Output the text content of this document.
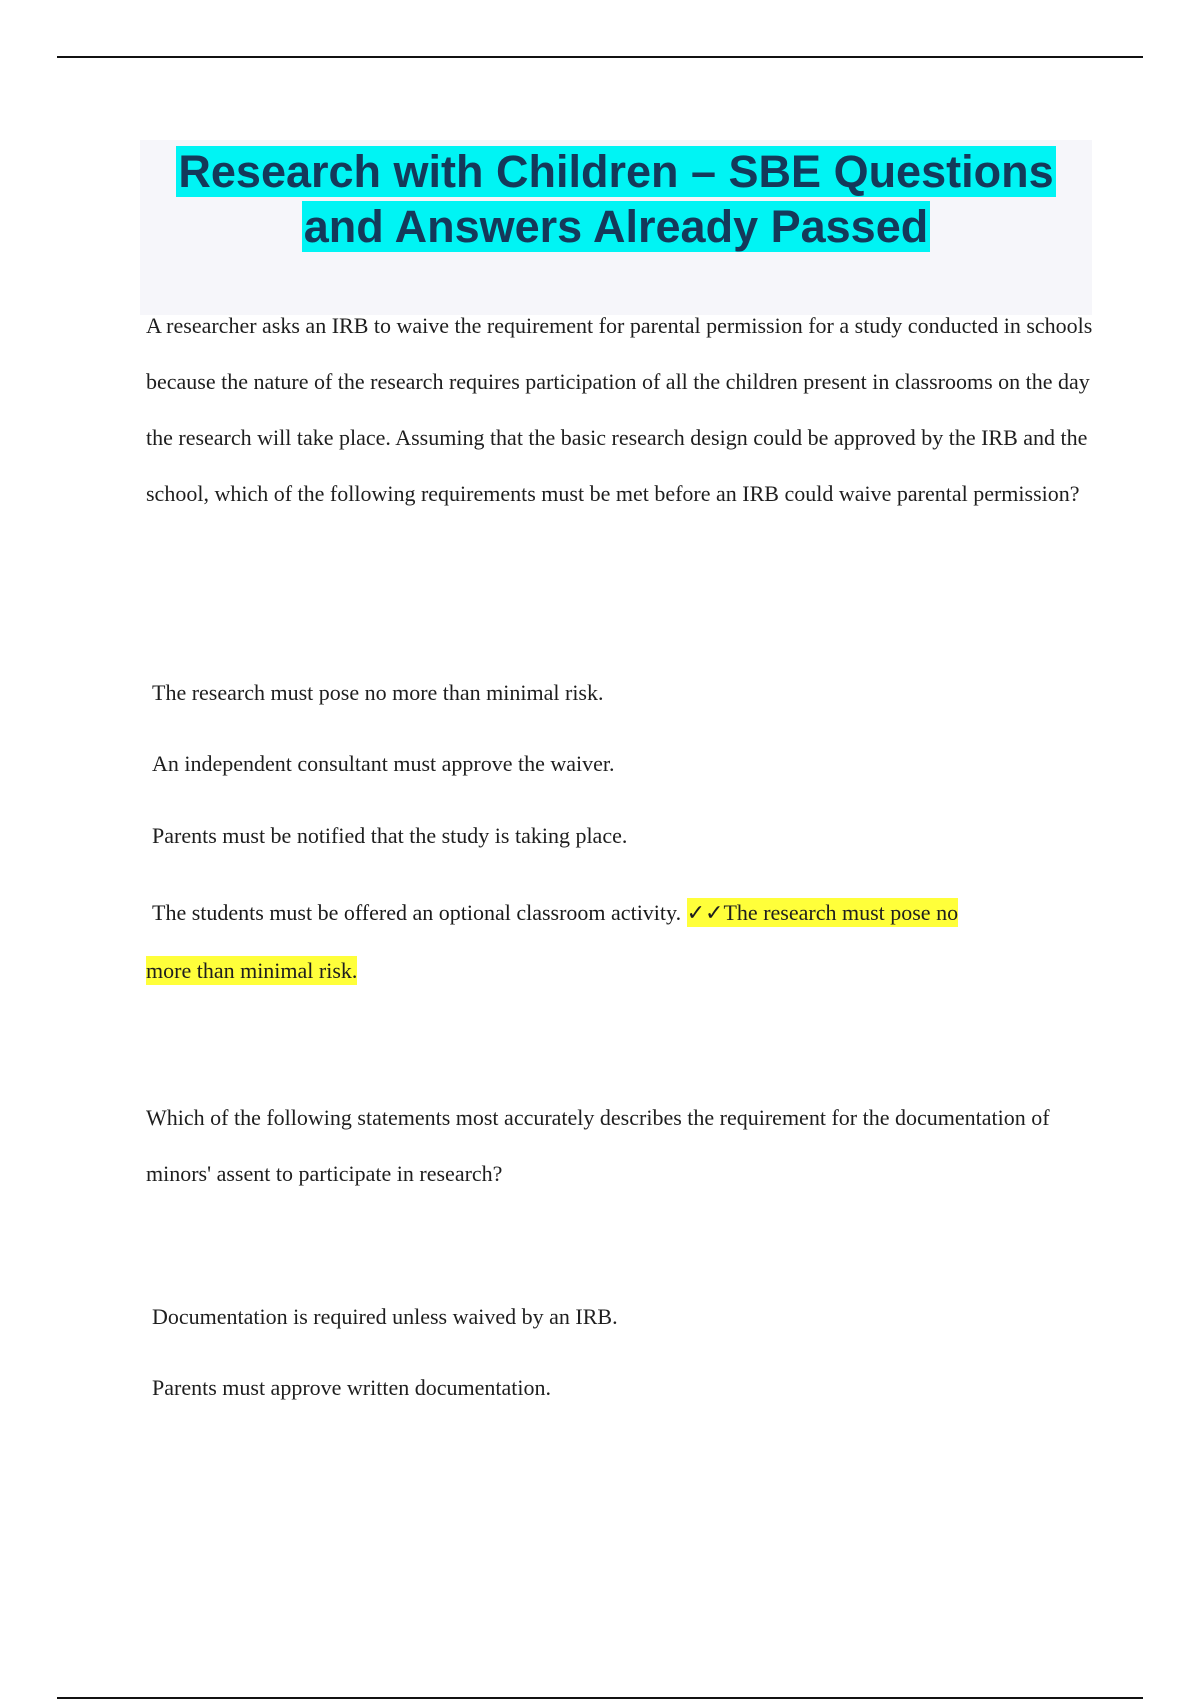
Research with Children – SBE Questions
and Answers Already Passed

A researcher asks an IRB to waive the requirement for parental permission for a study conducted in schools because the nature of the research requires participation of all the children present in classrooms on the day the research will take place. Assuming that the basic research design could be approved by the IRB and the school, which of the following requirements must be met before an IRB could waive parental permission?

The research must pose no more than minimal risk.

An independent consultant must approve the waiver.

Parents must be notified that the study is taking place.

The students must be offered an optional classroom activity. ✓✓The research must pose no
more than minimal risk.

Which of the following statements most accurately describes the requirement for the documentation of minors' assent to participate in research?

Documentation is required unless waived by an IRB.

Parents must approve written documentation.
